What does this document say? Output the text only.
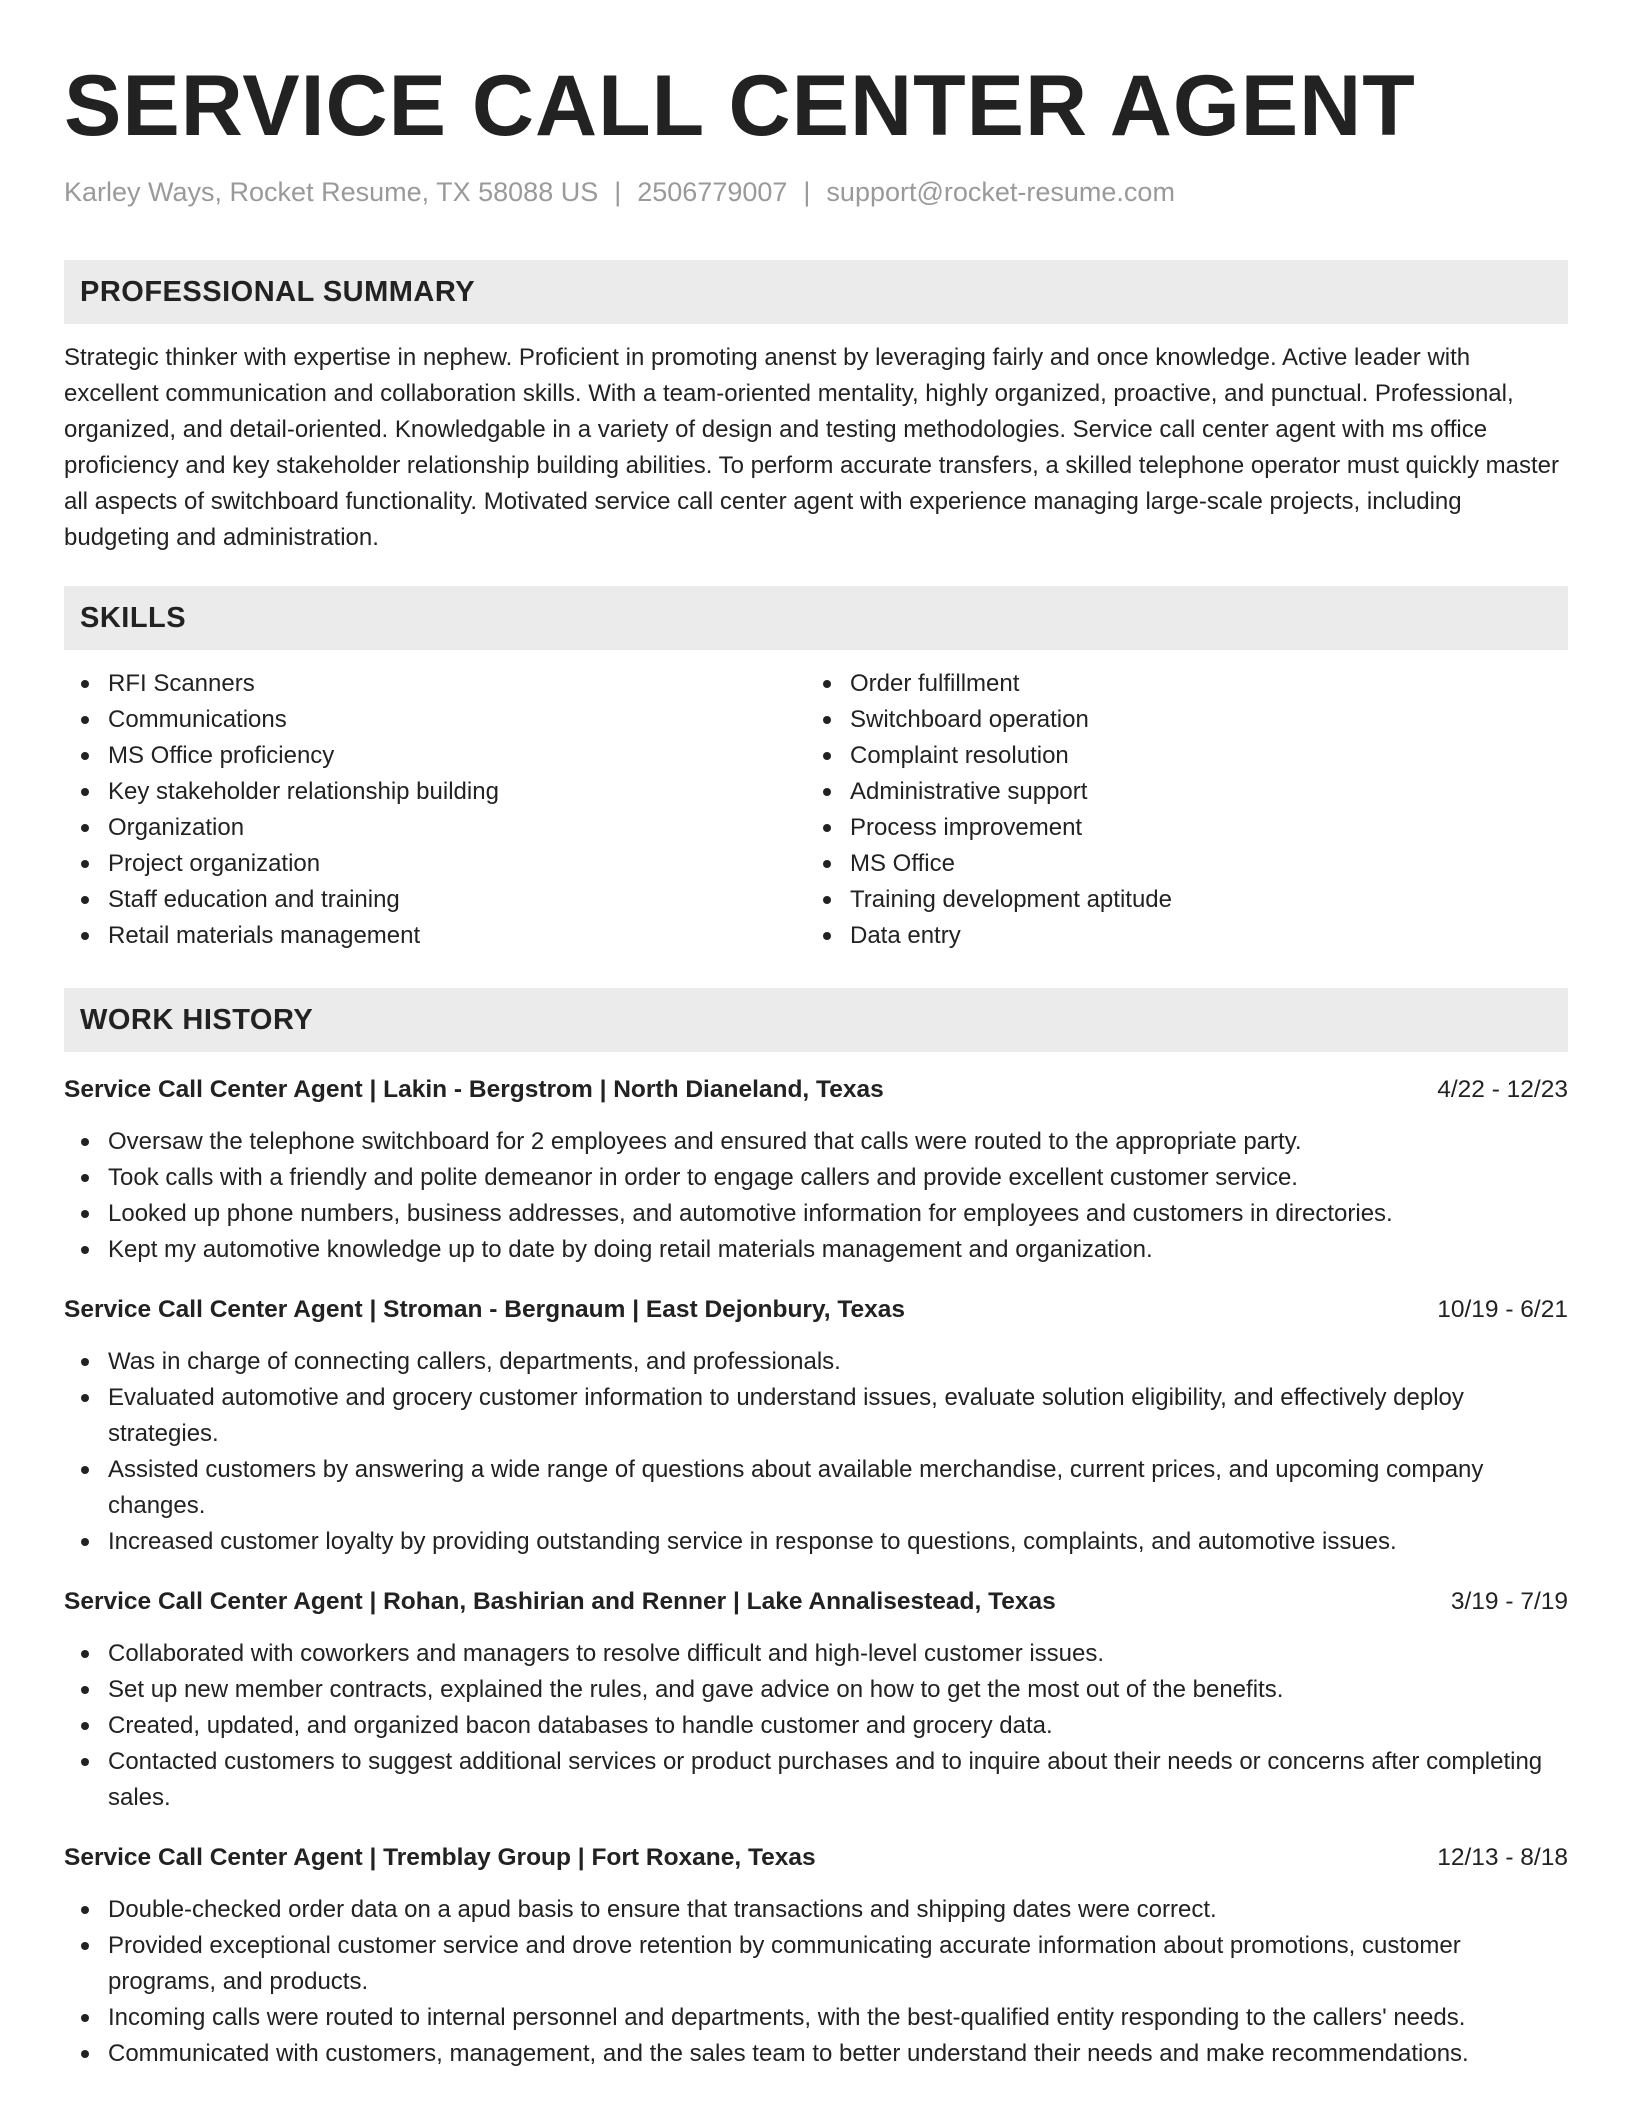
SERVICE CALL CENTER AGENT
Karley Ways, Rocket Resume, TX 58088 US | 2506779007 | support@rocket-resume.com
PROFESSIONAL SUMMARY
Strategic thinker with expertise in nephew. Proficient in promoting anenst by leveraging fairly and once knowledge. Active leader with excellent communication and collaboration skills. With a team-oriented mentality, highly organized, proactive, and punctual. Professional, organized, and detail-oriented. Knowledgable in a variety of design and testing methodologies. Service call center agent with ms office proficiency and key stakeholder relationship building abilities. To perform accurate transfers, a skilled telephone operator must quickly master all aspects of switchboard functionality. Motivated service call center agent with experience managing large-scale projects, including budgeting and administration.
SKILLS
RFI Scanners
Communications
MS Office proficiency
Key stakeholder relationship building
Organization
Project organization
Staff education and training
Retail materials management
Order fulfillment
Switchboard operation
Complaint resolution
Administrative support
Process improvement
MS Office
Training development aptitude
Data entry
WORK HISTORY
Service Call Center Agent | Lakin - Bergstrom | North Dianeland, Texas	4/22 - 12/23
Oversaw the telephone switchboard for 2 employees and ensured that calls were routed to the appropriate party.
Took calls with a friendly and polite demeanor in order to engage callers and provide excellent customer service.
Looked up phone numbers, business addresses, and automotive information for employees and customers in directories.
Kept my automotive knowledge up to date by doing retail materials management and organization.
Service Call Center Agent | Stroman - Bergnaum | East Dejonbury, Texas	10/19 - 6/21
Was in charge of connecting callers, departments, and professionals.
Evaluated automotive and grocery customer information to understand issues, evaluate solution eligibility, and effectively deploy strategies.
Assisted customers by answering a wide range of questions about available merchandise, current prices, and upcoming company changes.
Increased customer loyalty by providing outstanding service in response to questions, complaints, and automotive issues.
Service Call Center Agent | Rohan, Bashirian and Renner | Lake Annalisestead, Texas	3/19 - 7/19
Collaborated with coworkers and managers to resolve difficult and high-level customer issues.
Set up new member contracts, explained the rules, and gave advice on how to get the most out of the benefits.
Created, updated, and organized bacon databases to handle customer and grocery data.
Contacted customers to suggest additional services or product purchases and to inquire about their needs or concerns after completing sales.
Service Call Center Agent | Tremblay Group | Fort Roxane, Texas	12/13 - 8/18
Double-checked order data on a apud basis to ensure that transactions and shipping dates were correct.
Provided exceptional customer service and drove retention by communicating accurate information about promotions, customer programs, and products.
Incoming calls were routed to internal personnel and departments, with the best-qualified entity responding to the callers' needs.
Communicated with customers, management, and the sales team to better understand their needs and make recommendations.
